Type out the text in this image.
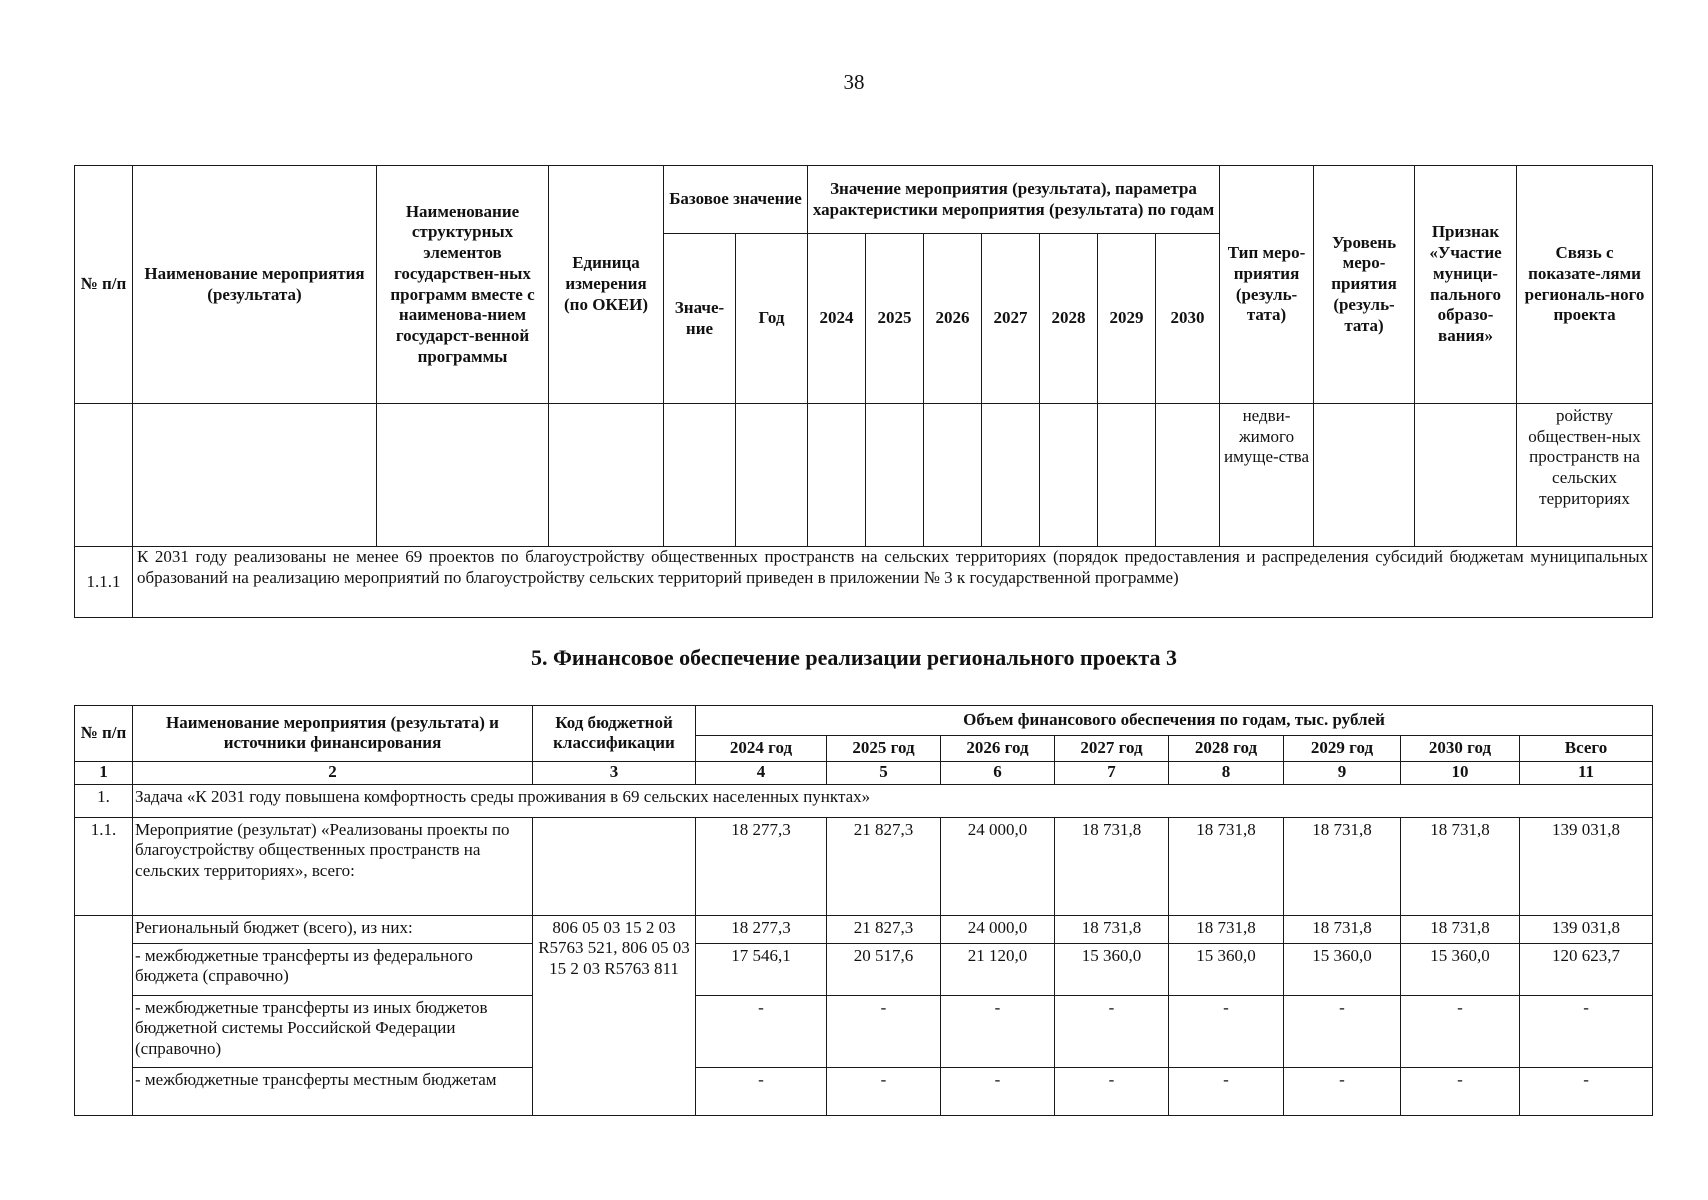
38
№ п/п	Наименование мероприятия (результата)	Наименование структурных элементов государствен-ных программ вместе с наименова-нием государст-венной программы	Единица измерения (по ОКЕИ)	Базовое значение		Значение мероприятия (результата), параметра характеристики мероприятия (результата) по годам							Тип меро-приятия (резуль-тата)	Уровень меро-приятия (резуль-тата)	Признак «Участие муници-пального образо-вания»	Связь с показате-лями региональ-ного проекта
				Значе-ние	Год	2024	2025	2026	2027	2028	2029	2030				
													недви-жимого имуще-ства			ройству обществен-ных пространств на сельских территориях
1.1.1	К 2031 году реализованы не менее 69 проектов по благоустройству общественных пространств на сельских территориях (порядок предоставления и распределения субсидий бюджетам муниципальных образований на реализацию мероприятий по благоустройству сельских территорий приведен в приложении № 3 к государственной программе)															
5. Финансовое обеспечение реализации регионального проекта 3
№ п/п	Наименование мероприятия (результата) и источники финансирования	Код бюджетной классификации	Объем финансового обеспечения по годам, тыс. рублей							
			2024 год	2025 год	2026 год	2027 год	2028 год	2029 год	2030 год	Всего
1	2	3	4	5	6	7	8	9	10	11
1.	Задача «К 2031 году повышена комфортность среды проживания в 69 сельских населенных пунктах»									
1.1.	Мероприятие (результат) «Реализованы проекты по благоустройству общественных пространств на сельских территориях», всего:		18 277,3	21 827,3	24 000,0	18 731,8	18 731,8	18 731,8	18 731,8	139 031,8
	Региональный бюджет (всего), из них:	806 05 03 15 2 03 R5763 521, 806 05 03 15 2 03 R5763 811	18 277,3	21 827,3	24 000,0	18 731,8	18 731,8	18 731,8	18 731,8	139 031,8
	- межбюджетные трансферты из федерального бюджета (справочно)		17 546,1	20 517,6	21 120,0	15 360,0	15 360,0	15 360,0	15 360,0	120 623,7
	- межбюджетные трансферты из иных бюджетов бюджетной системы Российской Федерации (справочно)		-	-	-	-	-	-	-	-
	- межбюджетные трансферты местным бюджетам		-	-	-	-	-	-	-	-
